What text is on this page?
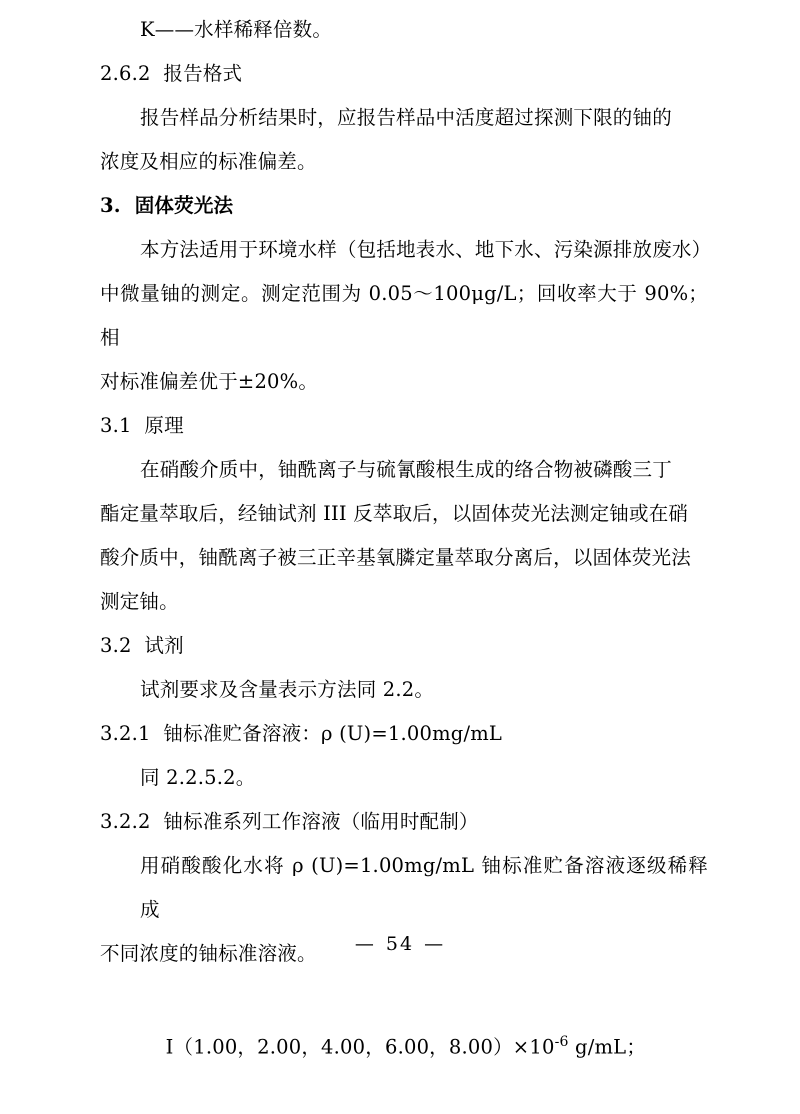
K——水样稀释倍数。

2.6.2  报告格式

报告样品分析结果时，应报告样品中活度超过探测下限的铀的

浓度及相应的标准偏差。

3.  固体荧光法

本方法适用于环境水样（包括地表水、地下水、污染源排放废水）

中微量铀的测定。测定范围为 0.05～100μg/L；回收率大于 90%；相

对标准偏差优于±20%。

3.1  原理

在硝酸介质中，铀酰离子与硫氰酸根生成的络合物被磷酸三丁

酯定量萃取后，经铀试剂 III 反萃取后，以固体荧光法测定铀或在硝

酸介质中，铀酰离子被三正辛基氧膦定量萃取分离后，以固体荧光法

测定铀。

3.2  试剂

试剂要求及含量表示方法同 2.2。

3.2.1  铀标准贮备溶液：ρ (U)=1.00mg/mL

同 2.2.5.2。

3.2.2  铀标准系列工作溶液（临用时配制）

用硝酸酸化水将 ρ (U)=1.00mg/mL 铀标准贮备溶液逐级稀释成

不同浓度的铀标准溶液。

Ⅰ（1.00，2.00，4.00，6.00，$8.00)\times 10^{-6}$ g/mL；

— 54 —
